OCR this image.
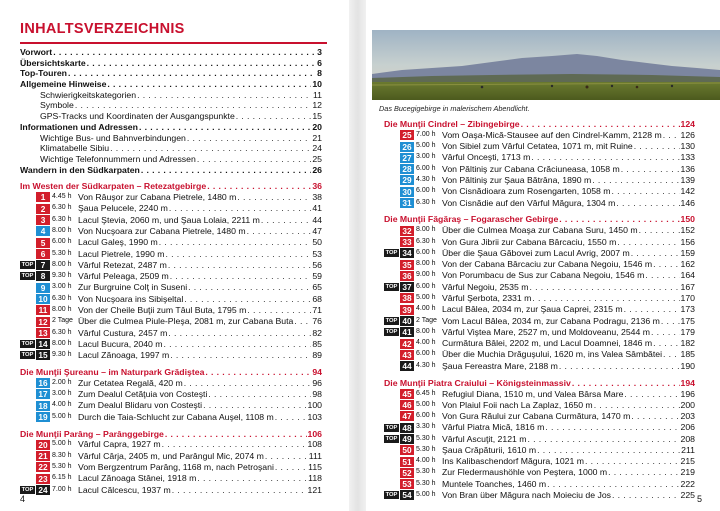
INHALTSVERZEICHNIS
Vorwort . . .	3
Übersichtskarte . . .	6
Top-Touren . . .	8
Allgemeine Hinweise . . .	10
Schwierigkeitskategorien . . .	11
Symbole . . .	12
GPS-Tracks und Koordinaten der Ausgangspunkte . . .	15
Informationen und Adressen . . .	20
Wichtige Bus- und Bahnverbindungen . . .	21
Klimatabelle Sibiu . . .	24
Wichtige Telefonnummern und Adressen . . .	25
Wandern in den Südkarpaten . . .	26
Im Westen der Südkarpaten – Retezatgebirge . . .	36
1 4.45 h Von Râuşor zur Cabana Pietrele, 1480 m . . .	38
2 6.30 h Şaua Pelucele, 2240 m . . .	41
3 6.30 h Lacul Ştevia, 2060 m, und Şaua Lolaia, 2211 m . . .	44
4 8.00 h Von Nucşoara zur Cabana Pietrele, 1480 m . . .	47
5 6.00 h Lacul Galeş, 1990 m . . .	50
6 5.30 h Lacul Pietrele, 1990 m . . .	53
TOP 7 8.00 h Vârful Retezat, 2487 m . . .	56
TOP 8 9.30 h Vârful Peleaga, 2509 m . . .	59
9 3.00 h Zur Burgruine Colţ in Suseni . . .	65
10 6.30 h Von Nucşoara ins Sibişeltal . . .	68
11 8.00 h Von der Cheile Buţii zum Tâul Buta, 1795 m . . .	71
12 2 Tage Über die Culmea Piule-Pleşa, 2081 m, zur Cabana Buta . . . 76
13 6.30 h Vârful Custura, 2457 m . . .	82
TOP 14 8.00 h Lacul Bucura, 2040 m . . .	85
TOP 15 9.30 h Lacul Zănoaga, 1997 m . . .	89
Die Munţii Şureanu – im Naturpark Grădiştea . . .	94
16 2.00 h Zur Cetatea Regală, 420 m . . .	96
17 3.00 h Zum Dealul Cetăţuia von Costeşti . . .	98
18 4.00 h Zum Dealul Blidaru von Costeşti . . .	100
19 5.00 h Durch die Taia-Schlucht zur Cabana Auşel, 1108 m . . .	103
Die Munţii Parâng – Parânggebirge . . .	106
20 5.00 h Vârful Capra, 1927 m . . .	108
21 8.30 h Vârful Cârja, 2405 m, und Parângul Mic, 2074 m . . .	111
22 5.30 h Vom Bergzentrum Parâng, 1168 m, nach Petroşani . . .	115
23 6.15 h Lacul Zănoaga Stânei, 1918 m . . .	118
TOP 24 7.00 h Lacul Călcescu, 1937 m . . .	121
4
Das Bucegigebirge in malerischem Abendlicht.
Die Munţii Cindrel – Zibingebirge . . .	124
25 7.00 h Vom Oaşa-Mică-Stausee auf den Cindrel-Kamm, 2128 m . . . 126
26 5.00 h Von Sibiel zum Vârful Cetatea, 1071 m, mit Ruine . . .	130
27 3.00 h Vârful Onceşti, 1713 m . . .	133
28 6.00 h Von Păltiniş zur Cabana Crăciuneasa, 1058 m . . .	136
29 4.30 h Von Păltiniş zur Şaua Bătrâna, 1890 m . . .	139
30 6.00 h Von Cisnădioara zum Rosengarten, 1058 m . . .	142
31 6.30 h Von Cisnădie auf den Vârful Măgura, 1304 m . . .	146
Die Munţii Făgăraş – Fogarascher Gebirge . . .	150
32 8.00 h Über die Culmea Moaşa zur Cabana Suru, 1450 m . . .	152
33 6.30 h Von Gura Jibrii zur Cabana Bârcaciu, 1550 m . . .	156
TOP 34 6.00 h Über die Şaua Găbovei zum Lacul Avrig, 2007 m . . .	159
35 8.00 h Von der Cabana Bârcaciu zur Cabana Negoiu, 1546 m . . .	162
36 9.00 h Von Porumbacu de Sus zur Cabana Negoiu, 1546 m . . .	164
TOP 37 6.00 h Vârful Negoiu, 2535 m . . .	167
38 5.00 h Vârful Şerbota, 2331 m . . .	170
39 4.00 h Lacul Bâlea, 2034 m, zur Şaua Caprei, 2315 m . . .	173
TOP 40 2 Tage Vom Lacul Bâlea, 2034 m, zur Cabana Podragu, 2136 m . . . 175
TOP 41 8.00 h Vârful Viştea Mare, 2527 m, und Moldoveanu, 2544 m . . .	179
42 4.00 h Curmătura Bâlei, 2202 m, und Lacul Doamnei, 1846 m . . .	182
43 6.00 h Über die Muchia Drăguşului, 1620 m, ins Valea Sâmbătei . . . 185
44 4.30 h Şaua Fereastra Mare, 2188 m . . .	190
Die Munţii Piatra Craiului – Königsteinmassiv . . .	194
45 6.45 h Refugiul Diana, 1510 m, und Valea Bârsa Mare . . .	196
46 5.00 h Von Plaiul Foii nach La Zaplaz, 1650 m . . .	200
47 6.00 h Von Gura Răului zur Cabana Curmătura, 1470 m . . .	203
TOP 48 3.30 h Vârful Piatra Mică, 1816 m . . .	206
TOP 49 5.30 h Vârful Ascuţit, 2121 m . . .	208
50 5.30 h Şaua Crăpăturii, 1610 m . . .	211
51 4.00 h Ins Kalibaschendorf Măgura, 1021 m . . .	215
52 5.30 h Zur Fledermaushöhle von Peştera, 1000 m . . .	219
53 5.30 h Muntele Toanches, 1460 m . . .	222
TOP 54 5.00 h Von Bran über Măgura nach Moieciu de Jos . . .	225 5
